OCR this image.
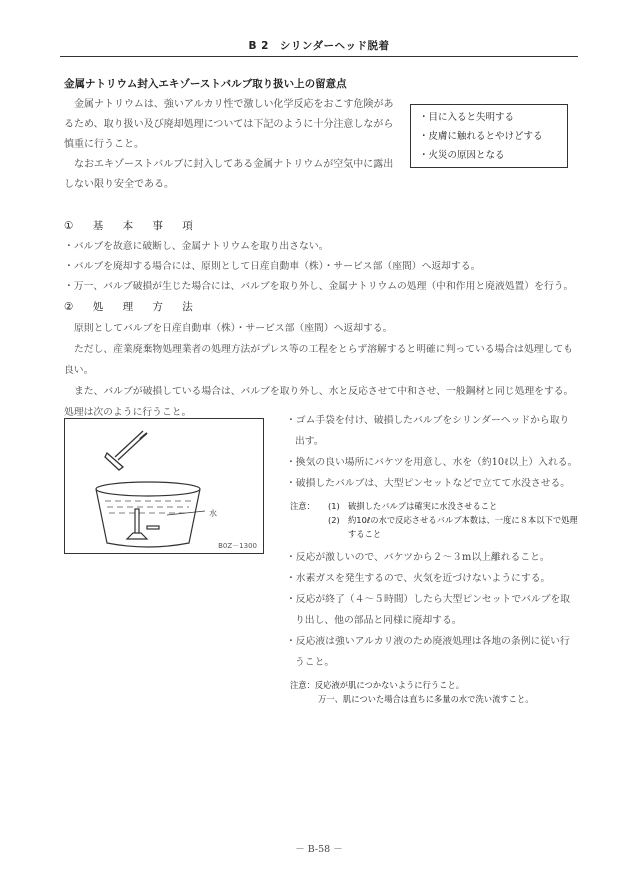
B 2　シリンダーヘッド脱着
金属ナトリウム封入エキゾーストバルブ取り扱い上の留意点

金属ナトリウムは、強いアルカリ性で激しい化学反応をおこす危険があるため、取り扱い及び廃却処理については下記のように十分注意しながら慎重に行うこと。

なおエキゾーストバルブに封入してある金属ナトリウムが空気中に露出しない限り安全である。

・目に入ると失明する
・皮膚に触れるとやけどする
・火災の原因となる
① 基 本 事 項
・バルブを故意に破断し、金属ナトリウムを取り出さない。
・バルブを廃却する場合には、原則として日産自動車（株）・サービス部（座間）へ返却する。
・万一、バルブ破損が生じた場合には、バルブを取り外し、金属ナトリウムの処理（中和作用と廃液処置）を行う。
② 処 理 方 法

原則としてバルブを日産自動車（株）・サービス部（座間）へ返却する。

ただし、産業廃棄物処理業者の処理方法がプレス等の工程をとらず溶解すると明確に判っている場合は処理しても良い。

また、バルブが破損している場合は、バルブを取り外し、水と反応させて中和させ、一般鋼材と同じ処理をする。処理は次のように行うこと。

水
B0Z－1300
・ゴム手袋を付け、破損したバルブをシリンダーヘッドから取り出す。
・換気の良い場所にバケツを用意し、水を（約10ℓ以上）入れる。
・破損したバルブは、大型ピンセットなどで立てて水没させる。
注意：	(1) 破損したバルブは確実に水没させること
(2) 約10ℓの水で反応させるバルブ本数は、一度に８本以下で処理すること
・反応が激しいので、バケツから２～３m以上離れること。
・水素ガスを発生するので、火気を近づけないようにする。
・反応が終了（４～５時間）したら大型ピンセットでバルブを取り出し、他の部品と同様に廃却する。
・反応液は強いアルカリ液のため廃液処理は各地の条例に従い行うこと。
注意：反応液が肌につかないように行うこと。
万一、肌についた場合は直ちに多量の水で洗い流すこと。
－ B-58 －
